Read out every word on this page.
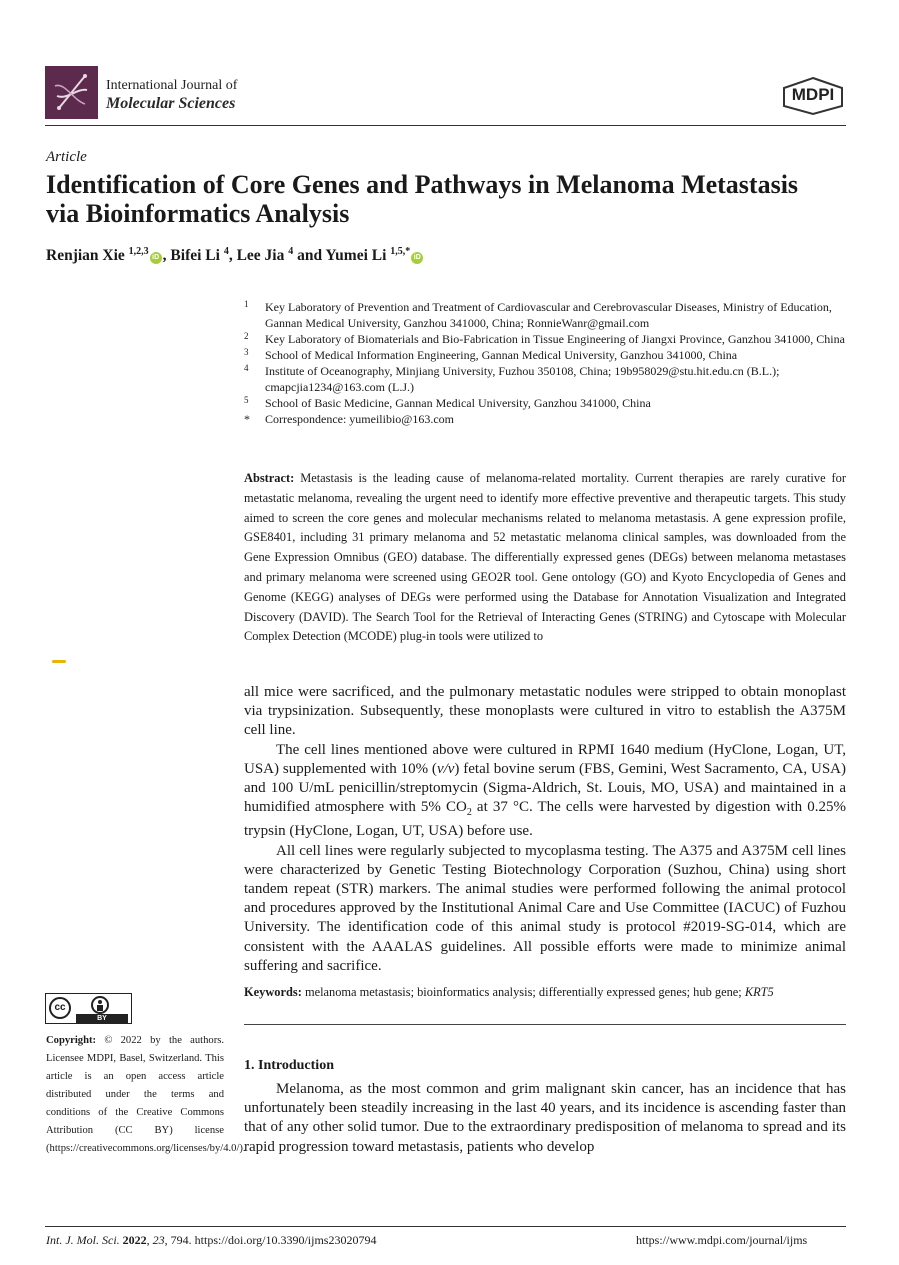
International Journal of
Molecular Sciences	MDPI
Article
Identification of Core Genes and Pathways in Melanoma Metastasis via Bioinformatics Analysis
Renjian Xie $^{1,2,3}$iD , Bifei Li $^4$, Lee Jia $^4$ and Yumei Li $^{1,5,*}$iD
1 Key Laboratory of Prevention and Treatment of Cardiovascular and Cerebrovascular Diseases, Ministry of Education, Gannan Medical University, Ganzhou 341000, China; RonnieWanr@gmail.com
2 Key Laboratory of Biomaterials and Bio-Fabrication in Tissue Engineering of Jiangxi Province, Ganzhou 341000, China
3 School of Medical Information Engineering, Gannan Medical University, Ganzhou 341000, China
4 Institute of Oceanography, Minjiang University, Fuzhou 350108, China; 19b958029@stu.hit.edu.cn (B.L.); cmapcjia1234@163.com (L.J.)
5 School of Basic Medicine, Gannan Medical University, Ganzhou 341000, China
* Correspondence: yumeilibio@163.com
Abstract: Metastasis is the leading cause of melanoma-related mortality. Current therapies are rarely curative for metastatic melanoma, revealing the urgent need to identify more effective preventive and therapeutic targets. This study aimed to screen the core genes and molecular mechanisms related to melanoma metastasis. A gene expression profile, GSE8401, including 31 primary melanoma and 52 metastatic melanoma clinical samples, was downloaded from the Gene Expression Omnibus (GEO) database. The differentially expressed genes (DEGs) between melanoma metastases and primary melanoma were screened using GEO2R tool. Gene ontology (GO) and Kyoto Encyclopedia of Genes and Genome (KEGG) analyses of DEGs were performed using the Database for Annotation Visualization and Integrated Discovery (DAVID). The Search Tool for the Retrieval of Interacting Genes (STRING) and Cytoscape with Molecular Complex Detection (MCODE) plug-in tools were utilized to

all mice were sacrificed, and the pulmonary metastatic nodules were stripped to obtain monoplast via trypsinization. Subsequently, these monoplasts were cultured in vitro to establish the A375M cell line.

The cell lines mentioned above were cultured in RPMI 1640 medium (HyClone, Logan, UT, USA) supplemented with 10% (v/v) fetal bovine serum (FBS, Gemini, West Sacramento, CA, USA) and 100 U/mL penicillin/streptomycin (Sigma-Aldrich, St. Louis, MO, USA) and maintained in a humidified atmosphere with 5% $CO_2$ at 37 °C. The cells were harvested by digestion with 0.25% trypsin (HyClone, Logan, UT, USA) before use.

All cell lines were regularly subjected to mycoplasma testing. The A375 and A375M cell lines were characterized by Genetic Testing Biotechnology Corporation (Suzhou, China) using short tandem repeat (STR) markers. The animal studies were performed following the animal protocol and procedures approved by the Institutional Animal Care and Use Committee (IACUC) of Fuzhou University. The identification code of this animal study is protocol #2019-SG-014, which are consistent with the AAALAS guidelines. All possible efforts were made to minimize animal suffering and sacrifice.

Keywords: melanoma metastasis; bioinformatics analysis; differentially expressed genes; hub gene; KRT5
1. Introduction
Melanoma, as the most common and grim malignant skin cancer, has an incidence that has unfortunately been steadily increasing in the last 40 years, and its incidence is ascending faster than that of any other solid tumor. Due to the extraordinary predisposition of melanoma to spread and its rapid progression toward metastasis, patients who develop
cc
BY
Copyright: © 2022 by the authors. Licensee MDPI, Basel, Switzerland. This article is an open access article distributed under the terms and conditions of the Creative Commons Attribution (CC BY) license (https://creativecommons.org/licenses/by/4.0/).
Int. J. Mol. Sci. 2022, 23, 794. https://doi.org/10.3390/ijms23020794	https://www.mdpi.com/journal/ijms
